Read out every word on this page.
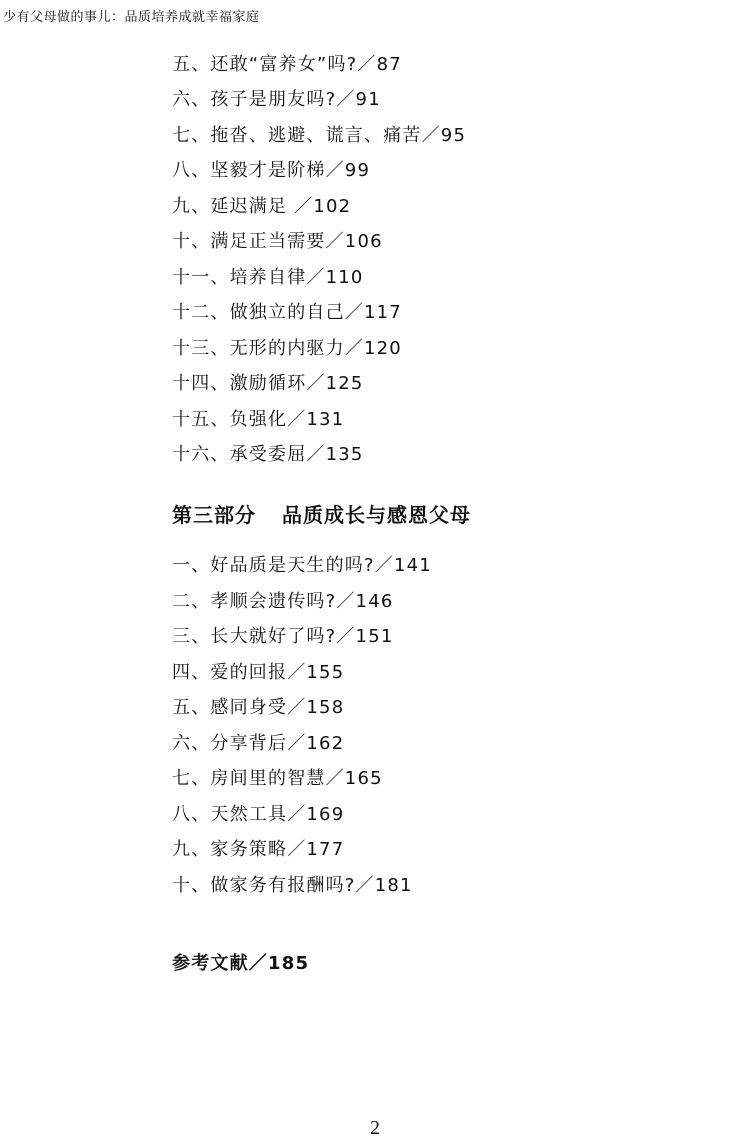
少有父母做的事儿：品质培养成就幸福家庭
五、还敢“富养女”吗?／87
六、孩子是朋友吗?／91
七、拖沓、逃避、谎言、痛苦／95
八、坚毅才是阶梯／99
九、延迟满足 ／102
十、满足正当需要／106
十一、培养自律／110
十二、做独立的自己／117
十三、无形的内驱力／120
十四、激励循环／125
十五、负强化／131
十六、承受委屈／135
第三部分 品质成长与感恩父母
一、好品质是天生的吗?／141
二、孝顺会遗传吗?／146
三、长大就好了吗?／151
四、爱的回报／155
五、感同身受／158
六、分享背后／162
七、房间里的智慧／165
八、天然工具／169
九、家务策略／177
十、做家务有报酬吗?／181
参考文献／185
2
